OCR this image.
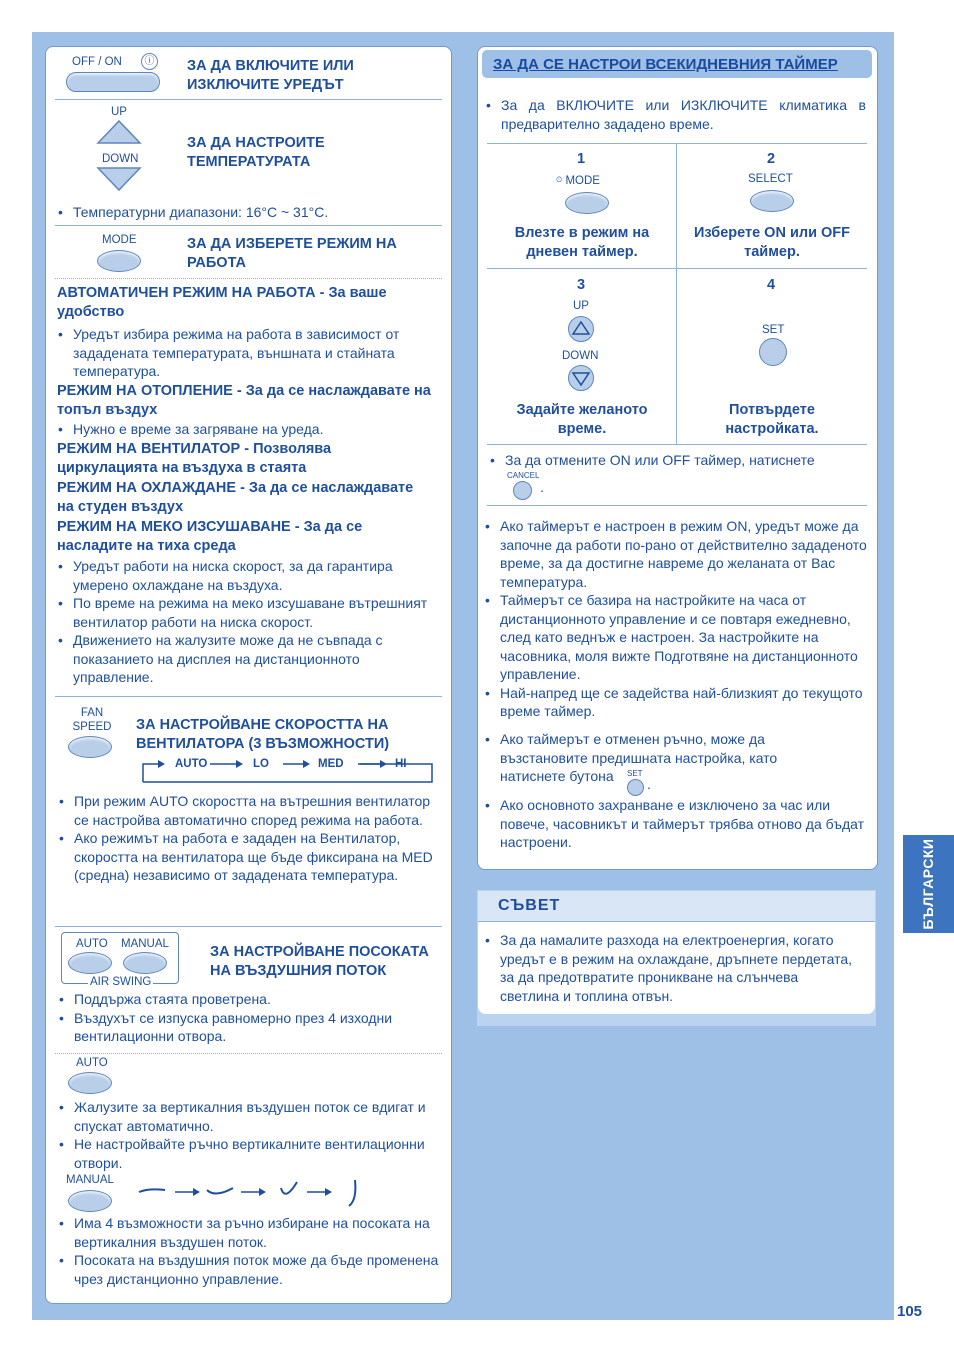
OFF / ON	ⓘ ЗА ДА ВКЛЮЧИТЕ ИЛИ ИЗКЛЮЧИТЕ УРЕДЪТ
UP
DOWN
ЗА ДА НАСТРОИТЕ ТЕМПЕРАТУРАТА
• Температурни диапазони: 16°C ~ 31°C.
MODE	ЗА ДА ИЗБЕРЕТЕ РЕЖИМ НА РАБОТА
АВТОМАТИЧЕН РЕЖИМ НА РАБОТА - За ваше удобство
• Уредът избира режима на работа в зависимост от зададената температурата, външната и стайната температура.
РЕЖИМ НА ОТОПЛЕНИЕ - За да се наслаждавате на топъл въздух
• Нужно е време за загряване на уреда.
РЕЖИМ НА ВЕНТИЛАТОР - Позволява циркулацията на въздуха в стаята
РЕЖИМ НА ОХЛАЖДАНЕ - За да се наслаждавате на студен въздух
РЕЖИМ НА МЕКО ИЗСУШАВАНЕ - За да се насладите на тиха среда
• Уредът работи на ниска скорост, за да гарантира умерено охлаждане на въздуха.
• По време на режима на меко изсушаване вътрешният вентилатор работи на ниска скорост.
• Движението на жалузите може да не съвпада с показанието на дисплея на дистанционното управление.
FAN SPEED ЗА НАСТРОЙВАНЕ СКОРОСТТА НА ВЕНТИЛАТОРА (3 ВЪЗМОЖНОСТИ)
AUTO	LO	MED	HI
• При режим AUTO скоростта на вътрешния вентилатор се настройва автоматично според режима на работа.
• Ако режимът на работа е зададен на Вентилатор, скоростта на вентилатора ще бъде фиксирана на MED (средна) независимо от зададената температура.
AUTO MANUAL
AIR SWING
ЗА НАСТРОЙВАНЕ ПОСОКАТА НА ВЪЗДУШНИЯ ПОТОК
• Поддържа стаята проветрена.
• Въздухът се изпуска равномерно през 4 изходни вентилационни отвора.
AUTO
• Жалузите за вертикалния въздушен поток се вдигат и спускат автоматично.
• Не настройвайте ръчно вертикалните вентилационни отвори.
MANUAL
• Има 4 възможности за ръчно избиране на посоката на вертикалния въздушен поток.
• Посоката на въздушния поток може да бъде променена чрез дистанционно управление.
ЗА ДА СЕ НАСТРОИ ВСЕКИДНЕВНИЯ ТАЙМЕР
• За да ВКЛЮЧИТЕ или ИЗКЛЮЧИТЕ климатика в предварително зададено време.
1
⏲ MODE
Влезте в режим на дневен таймер.
2
SELECT
Изберете ON или OFF таймер.
3
UP
DOWN
Задайте желаното време.
4
SET
Потвърдете настройката.
• За да отмените ON или OFF таймер, натиснете
CANCEL
.
• Ако таймерът е настроен в режим ON, уредът може да започне да работи по-рано от действително зададеното време, за да достигне навреме до желаната от Вас температура.
• Таймерът се базира на настройките на часа от дистанционното управление и се повтаря ежедневно, след като веднъж е настроен. За настройките на часовника, моля вижте Подготвяне на дистанционното управление.
• Най-напред ще се задейства най-близкият до текущото време таймер.
• Ако таймерът е отменен ръчно, може да възстановите предишната настройка, като натиснете бутона	SET
.
• Ако основното захранване е изключено за час или повече, часовникът и таймерът трябва отново да бъдат настроени.
СЪВЕТ
• За да намалите разхода на електроенергия, когато уредът е в режим на охлаждане, дръпнете пердетата, за да предотвратите проникване на слънчева светлина и топлина отвън.
БЪЛГАРСКИ
105
